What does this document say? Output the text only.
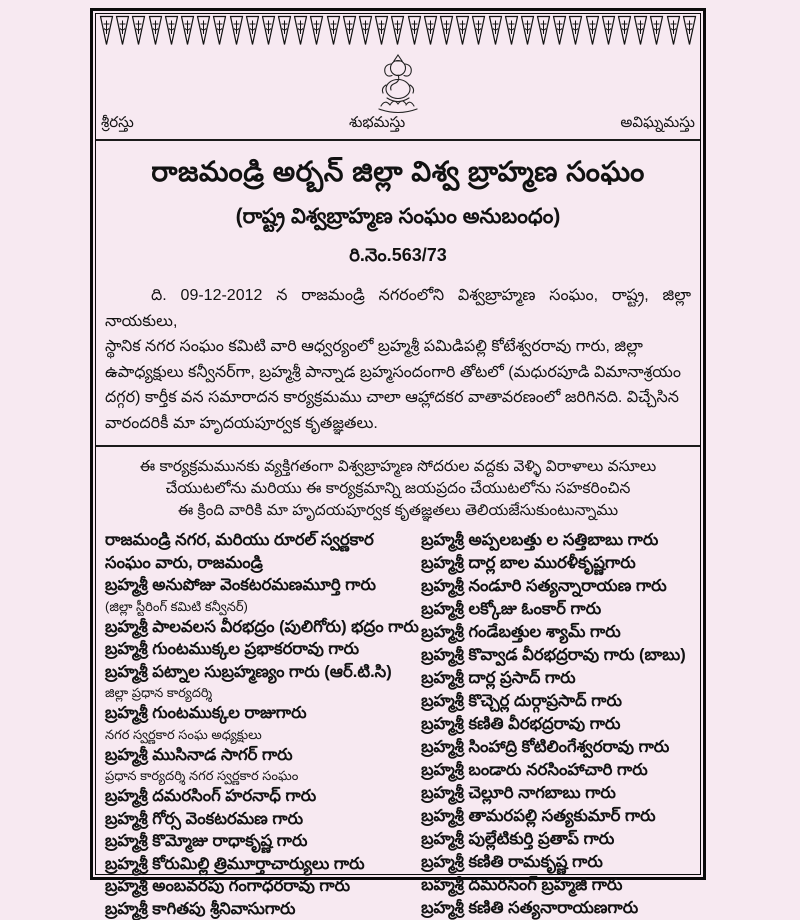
శ్రీరస్తు	శుభమస్తు	అవిఘ్నమస్తు
రాజమండ్రి అర్బన్ జిల్లా విశ్వ బ్రాహ్మణ సంఘం
(రాష్ట్ర విశ్వబ్రాహ్మణ సంఘం అనుబంధం)
రి.నెం.563/73
ది. 09-12-2012 న రాజమండ్రి నగరంలోని విశ్వబ్రాహ్మణ సంఘం, రాష్ట్ర, జిల్లా నాయకులు,
స్థానిక నగర సంఘం కమిటి వారి ఆధ్వర్యంలో బ్రహ్మశ్రీ పమిడిపల్లి కోటేశ్వరరావు గారు, జిల్లా
ఉపాధ్యక్షులు కన్వీనర్‌గా, బ్రహ్మశ్రీ పాన్నాడ బ్రహ్మసందంగారి తోటలో (మధురపూడి విమానాశ్రయం
దగ్గర) కార్తీక వన సమారాదన కార్యక్రమము చాలా ఆహ్లాదకర వాతావరణంలో జరిగినది. విచ్చేసిన
వారందరికీ మా హృదయపూర్వక కృతజ్ఞతలు.
ఈ కార్యక్రమమునకు వ్యక్తిగతంగా విశ్వబ్రాహ్మణ సోదరుల వద్దకు వెళ్ళి విరాళాలు వసూలు
చేయుటలోను మరియు ఈ కార్యక్రమాన్ని జయప్రదం చేయుటలోను సహకరించిన
ఈ క్రింది వారికి మా హృదయపూర్వక కృతజ్ఞతలు తెలియజేసుకుంటున్నాము
రాజమండ్రి నగర, మరియు రూరల్ స్వర్ణకార
సంఘం వారు, రాజమండ్రి
బ్రహ్మశ్రీ అనుపోజు వెంకటరమణమూర్తి గారు
(జిల్లా స్టీరింగ్ కమిటి కన్వీనర్)
బ్రహ్మశ్రీ పాలవలస వీరభద్రం (పులిగోరు) భద్రం గారు
బ్రహ్మశ్రీ గుంటముక్కల ప్రభాకరరావు గారు
బ్రహ్మశ్రీ పట్నాల సుబ్రహ్మణ్యం గారు (ఆర్.టి.సి)
జిల్లా ప్రధాన కార్యదర్శి
బ్రహ్మశ్రీ గుంటముక్కల రాజుగారు
నగర స్వర్ణకార సంఘ అధ్యక్షులు
బ్రహ్మశ్రీ ముసినాడ సాగర్ గారు
ప్రధాన కార్యదర్శి నగర స్వర్ణకార సంఘం
బ్రహ్మశ్రీ దమరసింగ్ హరనాధ్ గారు
బ్రహ్మశ్రీ గోర్స వెంకటరమణ గారు
బ్రహ్మశ్రీ కొమ్మోజు రాధాకృష్ణ గారు
బ్రహ్మశ్రీ కోరుమిల్లి త్రిమూర్తాచార్యులు గారు
బ్రహ్మశ్రీ అంబవరపు గంగాధరరావు గారు
బ్రహ్మశ్రీ కాగితపు శ్రీనివాసుగారు
బ్రహ్మశ్రీ అప్పలబత్తు ల సత్తిబాబు గారు
బ్రహ్మశ్రీ దార్ల బాల మురళీకృష్ణగారు
బ్రహ్మశ్రీ నండూరి సత్యన్నారాయణ గారు
బ్రహ్మశ్రీ లక్కోజు ఓంకార్ గారు
బ్రహ్మశ్రీ గండేబత్తుల శ్యామ్ గారు
బ్రహ్మశ్రీ కొవ్వాడ వీరభద్రరావు గారు (బాబు)
బ్రహ్మశ్రీ దార్ల ప్రసాద్ గారు
బ్రహ్మశ్రీ కొచ్చెర్ల దుర్గాప్రసాద్ గారు
బ్రహ్మశ్రీ కణితి వీరభద్రరావు గారు
బ్రహ్మశ్రీ సింహాద్రి కోటిలింగేశ్వరరావు గారు
బ్రహ్మశ్రీ బండారు నరసింహాచారి గారు
బ్రహ్మశ్రీ చెల్లూరి నాగబాబు గారు
బ్రహ్మశ్రీ తామరపల్లి సత్యకుమార్ గారు
బ్రహ్మశ్రీ పుల్లేటికుర్తి ప్రతాప్ గారు
బ్రహ్మశ్రీ కణితి రామకృష్ణ గారు
బహ్మశ్రీ దమరసింగ్ బ్రహ్మజీ గారు
బ్రహ్మశ్రీ కణితి సత్యనారాయణగారు
